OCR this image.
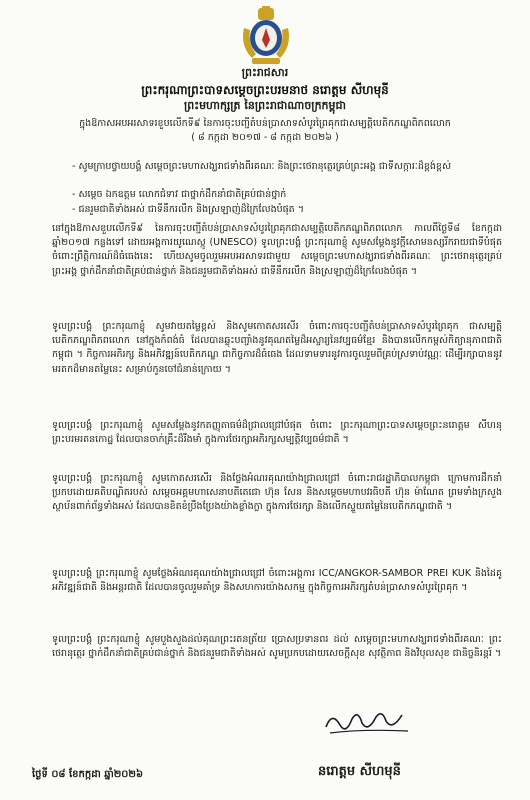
ព្រះរាជសារ
ព្រះករុណាព្រះបាទសម្តេចព្រះបរមនាថ នរោត្តម សីហមុនី
ព្រះមហាក្សត្រ នៃព្រះរាជាណាចក្រកម្ពុជា
ក្នុងឱកាសអបអរសាទរខួបលើកទី៩ នៃការចុះបញ្ជីតំបន់ប្រាសាទសំបូរព្រៃគុកជាសម្បត្តិបេតិកភណ្ឌពិភពលោក
( ៨ កក្កដា ២០១៧ - ៨ កក្កដា ២០២៦ )
- សូមក្រាបថ្វាយបង្គំ សម្តេចព្រះមហាសង្ឃរាជទាំងពីរគណៈ និងព្រះថេរានុត្ថេរគ្រប់ព្រះអង្គ ជាទីសក្ការៈដ៏ខ្ពង់ខ្ពស់
- សម្តេច ឯកឧត្តម លោកជំទាវ ជាថ្នាក់ដឹកនាំជាតិគ្រប់ជាន់ថ្នាក់
- ជនរួមជាតិទាំងអស់ ជាទីនឹករលឹក និងស្រឡាញ់ដ៏ក្រៃលែងបំផុត ។
នៅក្នុងឱកាសខួបលើកទី៩ នៃការចុះបញ្ជីតំបន់ប្រាសាទសំបូរព្រៃគុកជាសម្បត្តិបេតិកភណ្ឌពិភពលោក កាលពីថ្ងៃទី៨ ខែកក្កដា ឆ្នាំ២០១៧ កន្លងទៅ ដោយអង្គការយូណេស្កូ (UNESCO) ទូលព្រះបង្គំ ព្រះករុណាខ្ញុំ សូមសម្តែងនូវក្តីសោមនស្សរីករាយជាទីបំផុត ចំពោះព្រឹត្តិការណ៍ដ៏ធំធេងនេះ ហើយសូមចូលរួមអបអរសាទរជាមួយ សម្តេចព្រះមហាសង្ឃរាជទាំងពីរគណៈ ព្រះថេរានុត្ថេរគ្រប់ព្រះអង្គ ថ្នាក់ដឹកនាំជាតិគ្រប់ជាន់ថ្នាក់ និងជនរួមជាតិទាំងអស់ ជាទីនឹករលឹក និងស្រឡាញ់ដ៏ក្រៃលែងបំផុត ។
ទូលព្រះបង្គំ ព្រះករុណាខ្ញុំ សូមវាយតម្លៃខ្ពស់ និងសូមកោតសរសើរ ចំពោះការចុះបញ្ជីតំបន់ប្រាសាទសំបូរព្រៃគុក ជាសម្បត្តិបេតិកភណ្ឌពិភពលោក នៅក្នុងកំពង់ធំ ដែលបានឆ្លុះបញ្ចាំងនូវគុណតម្លៃដ៏អស្ចារ្យនៃវប្បធម៌ខ្មែរ និងបានលើកកម្ពស់កិត្យានុភាពជាតិកម្ពុជា ។ កិច្ចការអភិរក្ស និងអភិវឌ្ឍន៍បេតិកភណ្ឌ ជាកិច្ចការដ៏ធំធេង ដែលទាមទារនូវការចូលរួមពីគ្រប់ស្រទាប់វណ្ណៈ ដើម្បីរក្សាបាននូវមរតកដ៏មានតម្លៃនេះ សម្រាប់កូនចៅជំនាន់ក្រោយ ។
ទូលព្រះបង្គំ ព្រះករុណាខ្ញុំ សូមសម្តែងនូវកតញ្ញុតាធម៌ដ៏ជ្រាលជ្រៅបំផុត ចំពោះ ព្រះករុណាព្រះបាទសម្តេចព្រះនរោត្តម សីហនុ ព្រះបរមរតនកោដ្ឋ ដែលបានចាក់គ្រឹះដ៏រឹងមាំ ក្នុងការថែរក្សាអភិរក្សសម្បត្តិវប្បធម៌ជាតិ ។
ទូលព្រះបង្គំ ព្រះករុណាខ្ញុំ សូមកោតសរសើរ និងថ្លែងអំណរគុណយ៉ាងជ្រាលជ្រៅ ចំពោះរាជរដ្ឋាភិបាលកម្ពុជា ក្រោមការដឹកនាំប្រកបដោយគតិបណ្ឌិតរបស់ សម្តេចអគ្គមហាសេនាបតីតេជោ ហ៊ុន សែន និងសម្តេចមហាបវរធិបតី ហ៊ុន ម៉ាណែត ព្រមទាំងក្រសួងស្ថាប័នពាក់ព័ន្ធទាំងអស់ ដែលបានខិតខំប្រឹងប្រែងយ៉ាងខ្លាំងក្លា ក្នុងការថែរក្សា និងលើកស្ទួយតម្លៃនៃបេតិកភណ្ឌជាតិ ។
ទូលព្រះបង្គំ ព្រះករុណាខ្ញុំ សូមថ្លែងអំណរគុណយ៉ាងជ្រាលជ្រៅ ចំពោះអង្គការ ICC/ANGKOR-SAMBOR PREI KUK និងដៃគូអភិវឌ្ឍន៍ជាតិ និងអន្តរជាតិ ដែលបានចូលរួមគាំទ្រ និងសហការយ៉ាងសកម្ម ក្នុងកិច្ចការអភិរក្សតំបន់ប្រាសាទសំបូរព្រៃគុក ។
ទូលព្រះបង្គំ ព្រះករុណាខ្ញុំ សូមបួងសួងដល់គុណព្រះរតនត្រ័យ ប្រោសប្រទានពរ ដល់ សម្តេចព្រះមហាសង្ឃរាជទាំងពីរគណៈ ព្រះថេរានុត្ថេរ ថ្នាក់ដឹកនាំជាតិគ្រប់ជាន់ថ្នាក់ និងជនរួមជាតិទាំងអស់ សូមប្រកបដោយសេចក្តីសុខ សុវត្ថិភាព និងវិបុលសុខ ជានិច្ចនិរន្តរ៍ ។
ថ្ងៃទី ០៨ ខែកក្កដា ឆ្នាំ២០២៦	នរោត្តម សីហមុនី
